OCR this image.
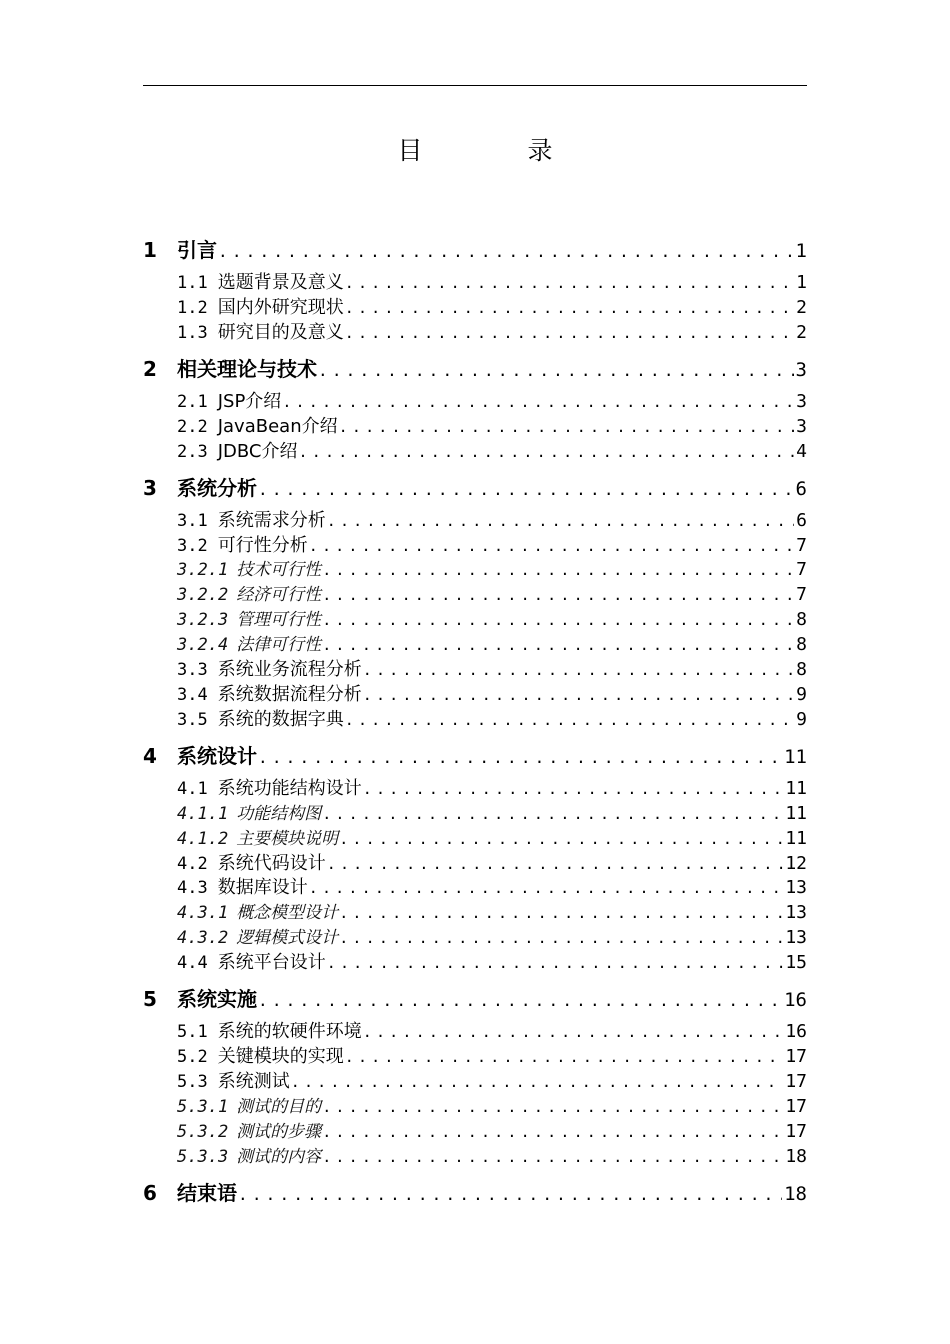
目　录
1 引言 .....	1
1.1 选题背景及意义 .....	1
1.2 国内外研究现状 .....	2
1.3 研究目的及意义 .....	2
2 相关理论与技术 .....	3
2.1 JSP介绍 .....	3
2.2 JavaBean介绍 .....	3
2.3 JDBC介绍 .....	4
3 系统分析 .....	6
3.1 系统需求分析 .....	6
3.2 可行性分析 .....	7
3.2.1 技术可行性 .....	7
3.2.2 经济可行性 .....	7
3.2.3 管理可行性 .....	8
3.2.4 法律可行性 .....	8
3.3 系统业务流程分析 .....	8
3.4 系统数据流程分析 .....	9
3.5 系统的数据字典 .....	9
4 系统设计 .....	11
4.1 系统功能结构设计 .....	11
4.1.1 功能结构图 .....	11
4.1.2 主要模块说明 .....	11
4.2 系统代码设计 .....	12
4.3 数据库设计 .....	13
4.3.1 概念模型设计 .....	13
4.3.2 逻辑模式设计 .....	13
4.4 系统平台设计 .....	15
5 系统实施 .....	16
5.1 系统的软硬件环境 .....	16
5.2 关键模块的实现 .....	17
5.3 系统测试 .....	17
5.3.1 测试的目的 .....	17
5.3.2 测试的步骤 .....	17
5.3.3 测试的内容 .....	18
6 结束语 .....	18
